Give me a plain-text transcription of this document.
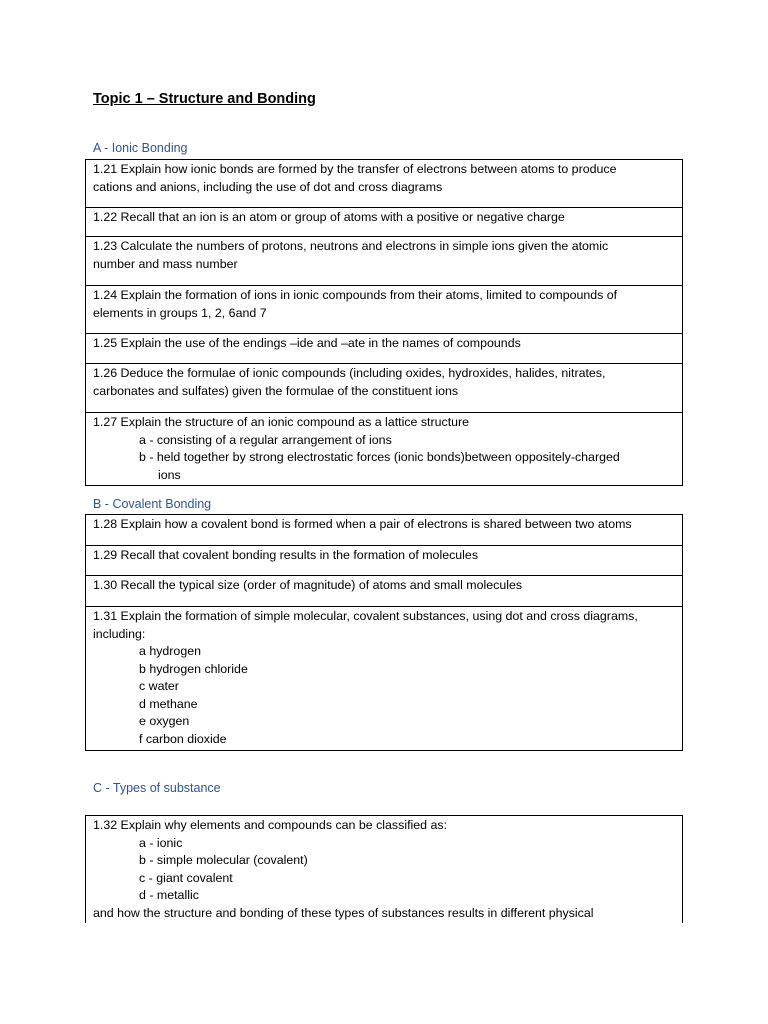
Topic 1 – Structure and Bonding
A - Ionic Bonding
1.21 Explain how ionic bonds are formed by the transfer of electrons between atoms to produce
cations and anions, including the use of dot and cross diagrams
1.22 Recall that an ion is an atom or group of atoms with a positive or negative charge
1.23 Calculate the numbers of protons, neutrons and electrons in simple ions given the atomic
number and mass number
1.24 Explain the formation of ions in ionic compounds from their atoms, limited to compounds of
elements in groups 1, 2, 6and 7
1.25 Explain the use of the endings –ide and –ate in the names of compounds
1.26 Deduce the formulae of ionic compounds (including oxides, hydroxides, halides, nitrates,
carbonates and sulfates) given the formulae of the constituent ions
1.27 Explain the structure of an ionic compound as a lattice structure
a - consisting of a regular arrangement of ions
b - held together by strong electrostatic forces (ionic bonds)between oppositely-charged
ions
B - Covalent Bonding
1.28 Explain how a covalent bond is formed when a pair of electrons is shared between two atoms
1.29 Recall that covalent bonding results in the formation of molecules
1.30 Recall the typical size (order of magnitude) of atoms and small molecules
1.31 Explain the formation of simple molecular, covalent substances, using dot and cross diagrams,
including:
a hydrogen
b hydrogen chloride
c water
d methane
e oxygen
f carbon dioxide
C - Types of substance
1.32 Explain why elements and compounds can be classified as:
a - ionic
b - simple molecular (covalent)
c - giant covalent
d - metallic
and how the structure and bonding of these types of substances results in different physical
